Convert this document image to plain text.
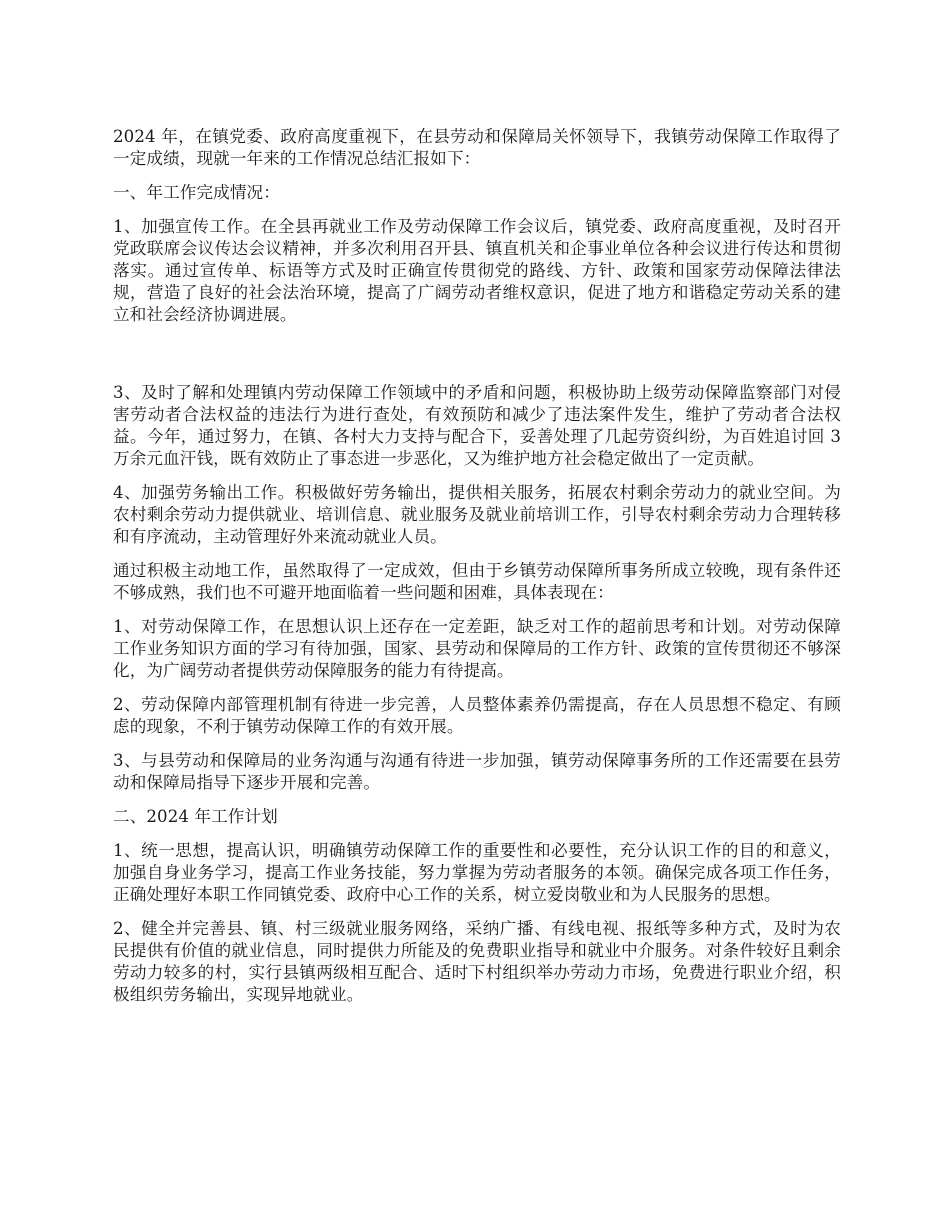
2024 年，在镇党委、政府高度重视下，在县劳动和保障局关怀领导下，我镇劳动保障工作取得了一定成绩，现就一年来的工作情况总结汇报如下：

一、年工作完成情况：

1、加强宣传工作。在全县再就业工作及劳动保障工作会议后，镇党委、政府高度重视，及时召开党政联席会议传达会议精神，并多次利用召开县、镇直机关和企事业单位各种会议进行传达和贯彻落实。通过宣传单、标语等方式及时正确宣传贯彻党的路线、方针、政策和国家劳动保障法律法规，营造了良好的社会法治环境，提高了广阔劳动者维权意识，促进了地方和谐稳定劳动关系的建立和社会经济协调进展。

3、及时了解和处理镇内劳动保障工作领域中的矛盾和问题，积极协助上级劳动保障监察部门对侵害劳动者合法权益的违法行为进行查处，有效预防和减少了违法案件发生，维护了劳动者合法权益。今年，通过努力，在镇、各村大力支持与配合下，妥善处理了几起劳资纠纷，为百姓追讨回 3 万余元血汗钱，既有效防止了事态进一步恶化，又为维护地方社会稳定做出了一定贡献。

4、加强劳务输出工作。积极做好劳务输出，提供相关服务，拓展农村剩余劳动力的就业空间。为农村剩余劳动力提供就业、培训信息、就业服务及就业前培训工作，引导农村剩余劳动力合理转移和有序流动，主动管理好外来流动就业人员。

通过积极主动地工作，虽然取得了一定成效，但由于乡镇劳动保障所事务所成立较晚，现有条件还不够成熟，我们也不可避开地面临着一些问题和困难，具体表现在：

1、对劳动保障工作，在思想认识上还存在一定差距，缺乏对工作的超前思考和计划。对劳动保障工作业务知识方面的学习有待加强，国家、县劳动和保障局的工作方针、政策的宣传贯彻还不够深化，为广阔劳动者提供劳动保障服务的能力有待提高。

2、劳动保障内部管理机制有待进一步完善，人员整体素养仍需提高，存在人员思想不稳定、有顾虑的现象，不利于镇劳动保障工作的有效开展。

3、与县劳动和保障局的业务沟通与沟通有待进一步加强，镇劳动保障事务所的工作还需要在县劳动和保障局指导下逐步开展和完善。

二、2024 年工作计划

1、统一思想，提高认识，明确镇劳动保障工作的重要性和必要性，充分认识工作的目的和意义，加强自身业务学习，提高工作业务技能，努力掌握为劳动者服务的本领。确保完成各项工作任务，正确处理好本职工作同镇党委、政府中心工作的关系，树立爱岗敬业和为人民服务的思想。

2、健全并完善县、镇、村三级就业服务网络，采纳广播、有线电视、报纸等多种方式，及时为农民提供有价值的就业信息，同时提供力所能及的免费职业指导和就业中介服务。对条件较好且剩余劳动力较多的村，实行县镇两级相互配合、适时下村组织举办劳动力市场，免费进行职业介绍，积极组织劳务输出，实现异地就业。
